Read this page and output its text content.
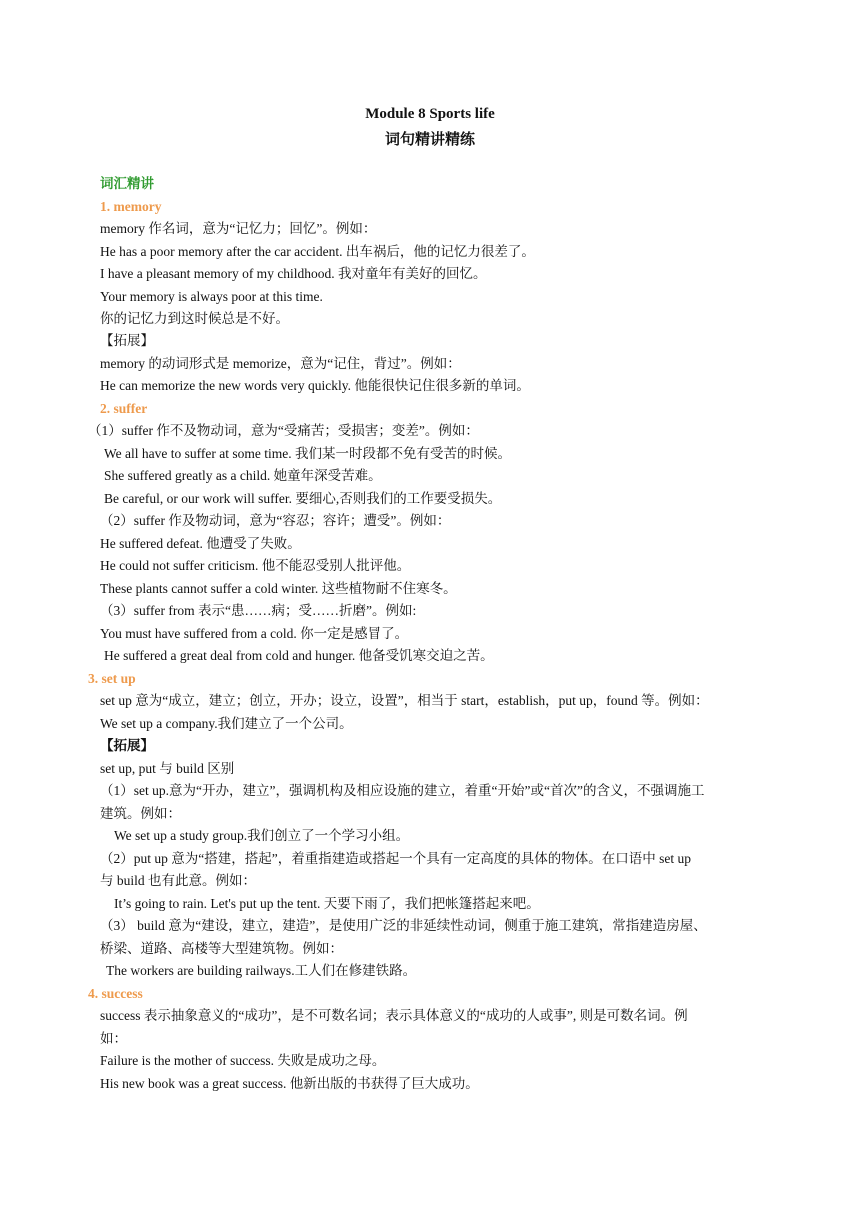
Module 8 Sports life
词句精讲精练
词汇精讲
1. memory
memory 作名词，意为“记忆力；回忆”。例如：
He has a poor memory after the car accident. 出车祸后，他的记忆力很差了。
I have a pleasant memory of my childhood. 我对童年有美好的回忆。
Your memory is always poor at this time.
你的记忆力到这时候总是不好。
【拓展】
memory 的动词形式是 memorize，意为“记住，背过”。例如：
He can memorize the new words very quickly. 他能很快记住很多新的单词。
2. suffer
（1）suffer 作不及物动词，意为“受痛苦；受损害；变差”。例如：
We all have to suffer at some time. 我们某一时段都不免有受苦的时候。
She suffered greatly as a child. 她童年深受苦难。
Be careful, or our work will suffer. 要细心,否则我们的工作要受损失。
（2）suffer 作及物动词，意为“容忍；容许；遭受”。例如：
He suffered defeat. 他遭受了失败。
He could not suffer criticism. 他不能忍受别人批评他。
These plants cannot suffer a cold winter. 这些植物耐不住寒冬。
（3）suffer from 表示“患……病；受……折磨”。例如:
You must have suffered from a cold. 你一定是感冒了。
He suffered a great deal from cold and hunger. 他备受饥寒交迫之苦。
3. set up
set up 意为“成立，建立；创立，开办；设立，设置”，相当于 start，establish，put up，found 等。例如：
We set up a company.我们建立了一个公司。
【拓展】
set up, put 与 build 区别
（1）set up.意为“开办，建立”，强调机构及相应设施的建立，着重“开始”或“首次”的含义，不强调施工
建筑。例如：
We set up a study group.我们创立了一个学习小组。
（2）put up 意为“搭建，搭起”，着重指建造或搭起一个具有一定高度的具体的物体。在口语中 set up
与 build 也有此意。例如：
It’s going to rain. Let's put up the tent. 天要下雨了，我们把帐篷搭起来吧。
（3） build 意为“建设，建立，建造”，是使用广泛的非延续性动词，侧重于施工建筑，常指建造房屋、
桥梁、道路、高楼等大型建筑物。例如：
The workers are building railways.工人们在修建铁路。
4. success
success 表示抽象意义的“成功”，是不可数名词；表示具体意义的“成功的人或事”, 则是可数名词。例
如：
Failure is the mother of success. 失败是成功之母。
His new book was a great success. 他新出版的书获得了巨大成功。
